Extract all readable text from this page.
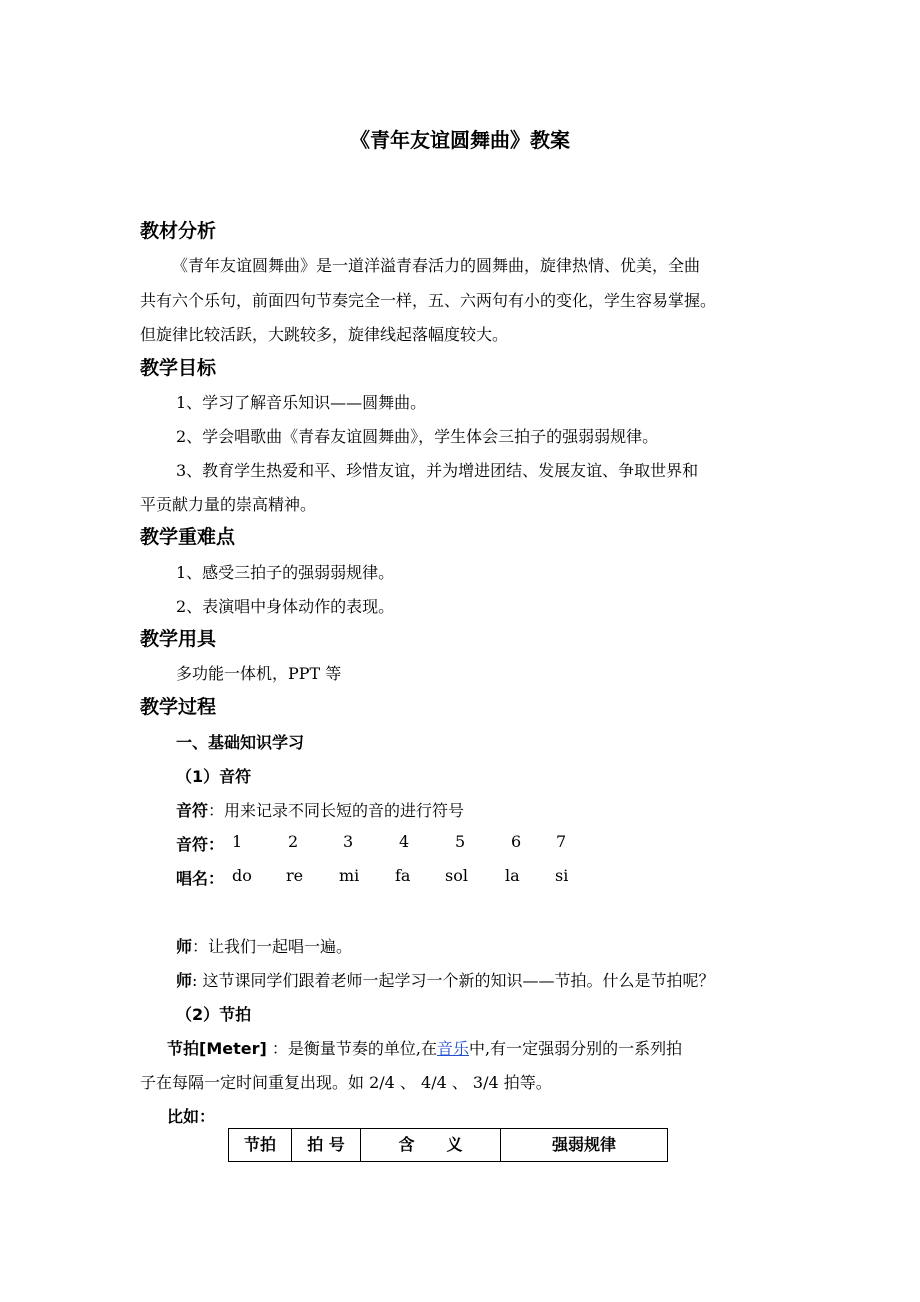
《青年友谊圆舞曲》教案
教材分析
《青年友谊圆舞曲》是一道洋溢青春活力的圆舞曲，旋律热情、优美，全曲
共有六个乐句，前面四句节奏完全一样，五、六两句有小的变化，学生容易掌握。
但旋律比较活跃，大跳较多，旋律线起落幅度较大。
教学目标
1、学习了解音乐知识——圆舞曲。
2、学会唱歌曲《青春友谊圆舞曲》，学生体会三拍子的强弱弱规律。
3、教育学生热爱和平、珍惜友谊，并为增进团结、发展友谊、争取世界和
平贡献力量的崇高精神。
教学重难点
1、感受三拍子的强弱弱规律。
2、表演唱中身体动作的表现。
教学用具
多功能一体机，PPT 等
教学过程
一、基础知识学习
（1）音符
音符：用来记录不同长短的音的进行符号
音符： 1	2	3	4	5	6 7
唱名： do re mi fa sol la si
师：让我们一起唱一遍。
师: 这节课同学们跟着老师一起学习一个新的知识——节拍。什么是节拍呢？
（2）节拍
节拍[Meter] ：是衡量节奏的单位,在音乐中,有一定强弱分别的一系列拍
子在每隔一定时间重复出现。如 2/4 、 4/4 、 3/4 拍等。
比如：
节拍	拍 号	含　　义	强弱规律
